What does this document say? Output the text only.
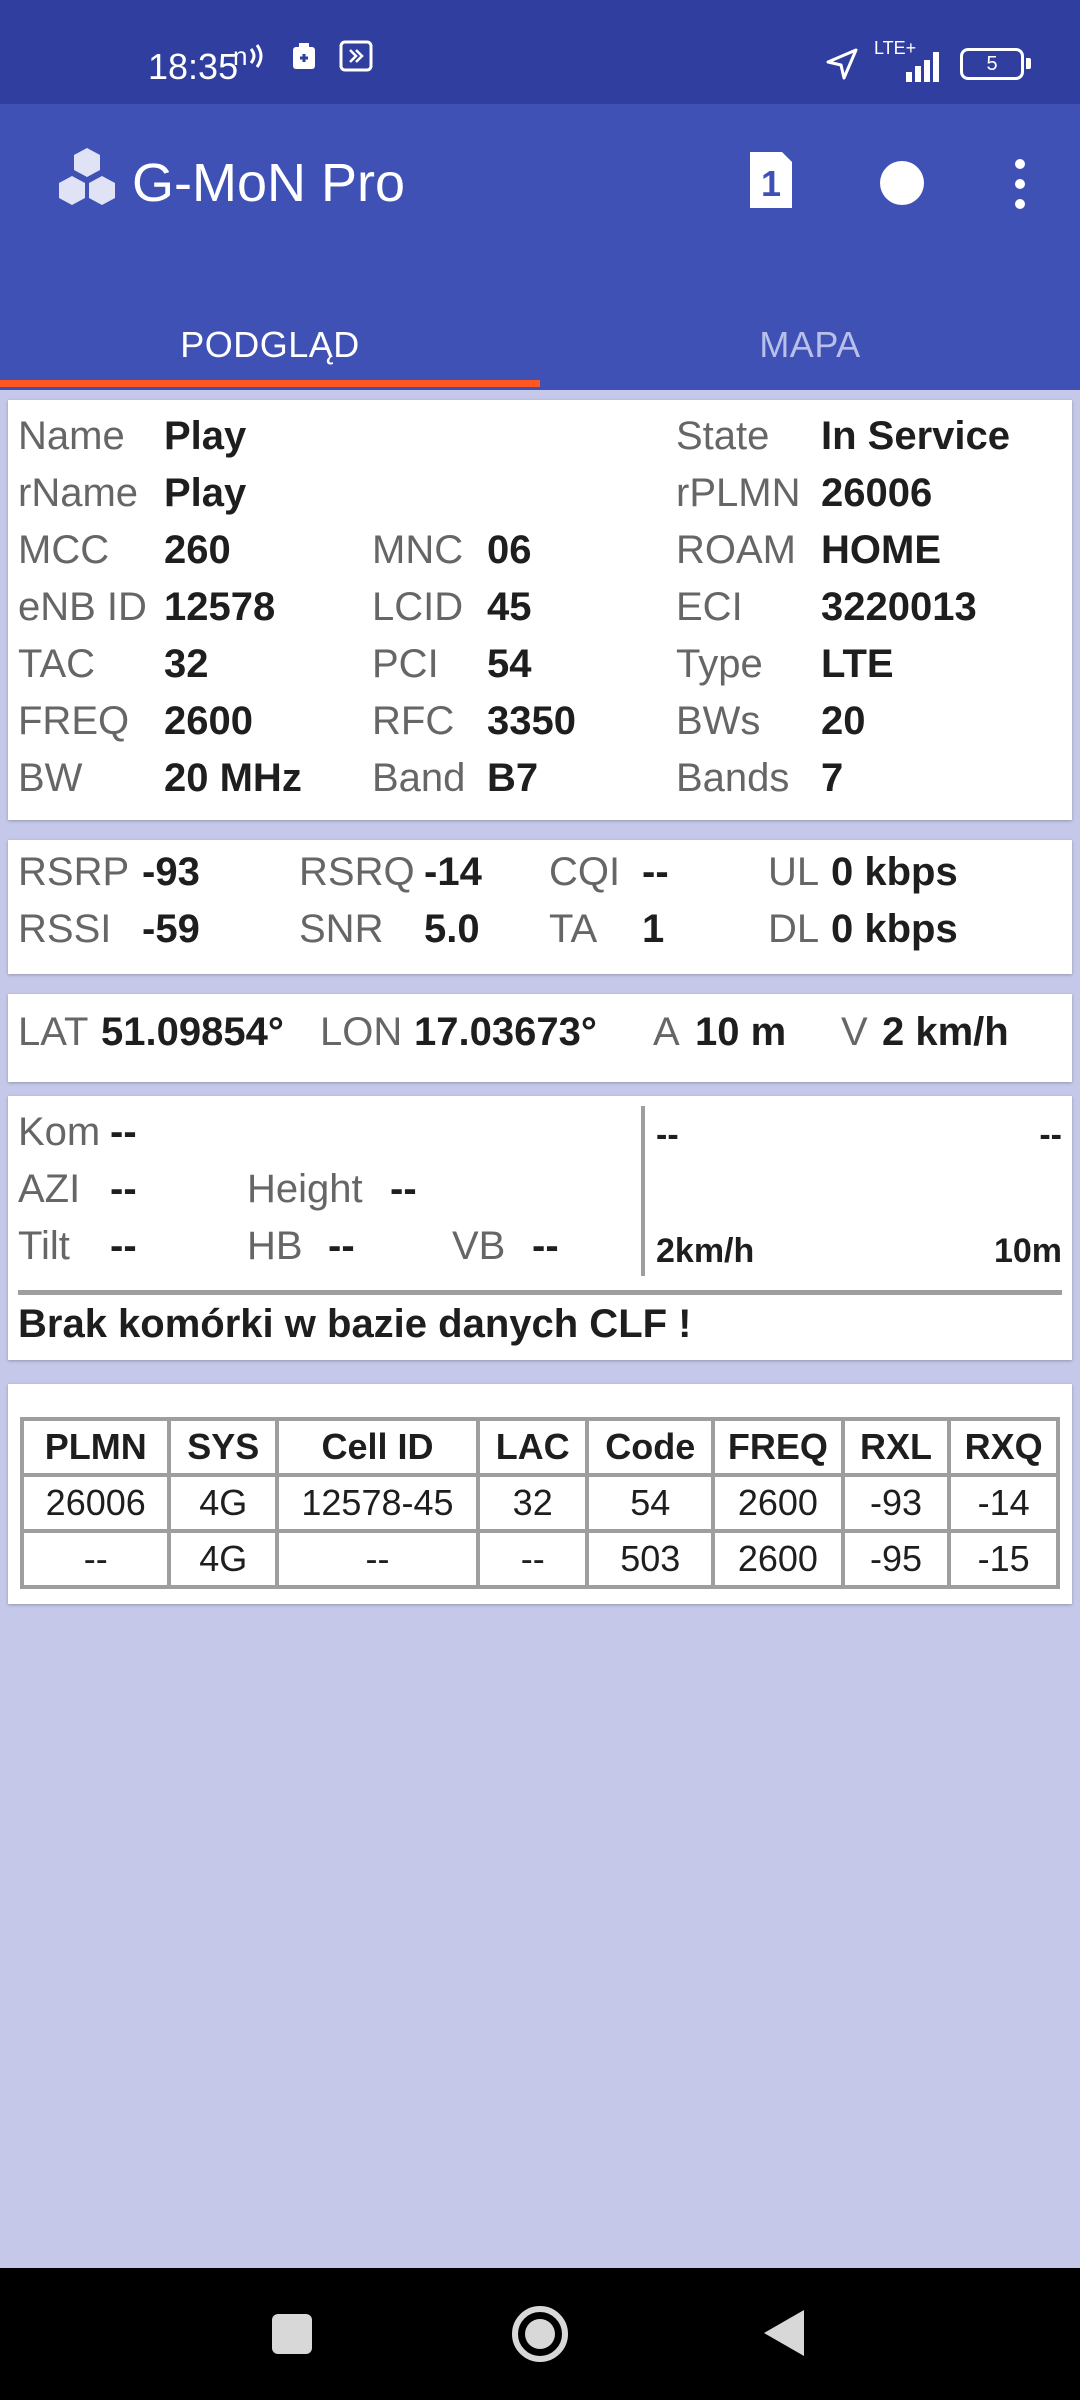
18:35
n	LTE+
5
G-MoN Pro	1
PODGLĄD	MAPA
Name Play	State In Service
rName Play	rPLMN 26006
MCC 260	MNC 06	ROAM HOME
eNB ID 12578 LCID 45	ECI 3220013
TAC 32	PCI 54	Type LTE
FREQ 2600	RFC 3350	BWs 20
BW 20 MHz Band B7	Bands 7
RSRP -93 RSRQ -14 CQI -- UL 0 kbps
RSSI -59 SNR 5.0 TA 1	DL 0 kbps
LAT 51.09854° LON 17.03673° A 10 m V 2 km/h
Kom --
AZI --	Height --
Tilt --	HB -- VB --
--	--
2km/h	10m
Brak komórki w bazie danych CLF !
PLMN	SYS	Cell ID	LAC	Code	FREQ	RXL	RXQ
26006	4G	12578-45	32	54	2600	-93	-14
--	4G	--	--	503	2600	-95	-15
